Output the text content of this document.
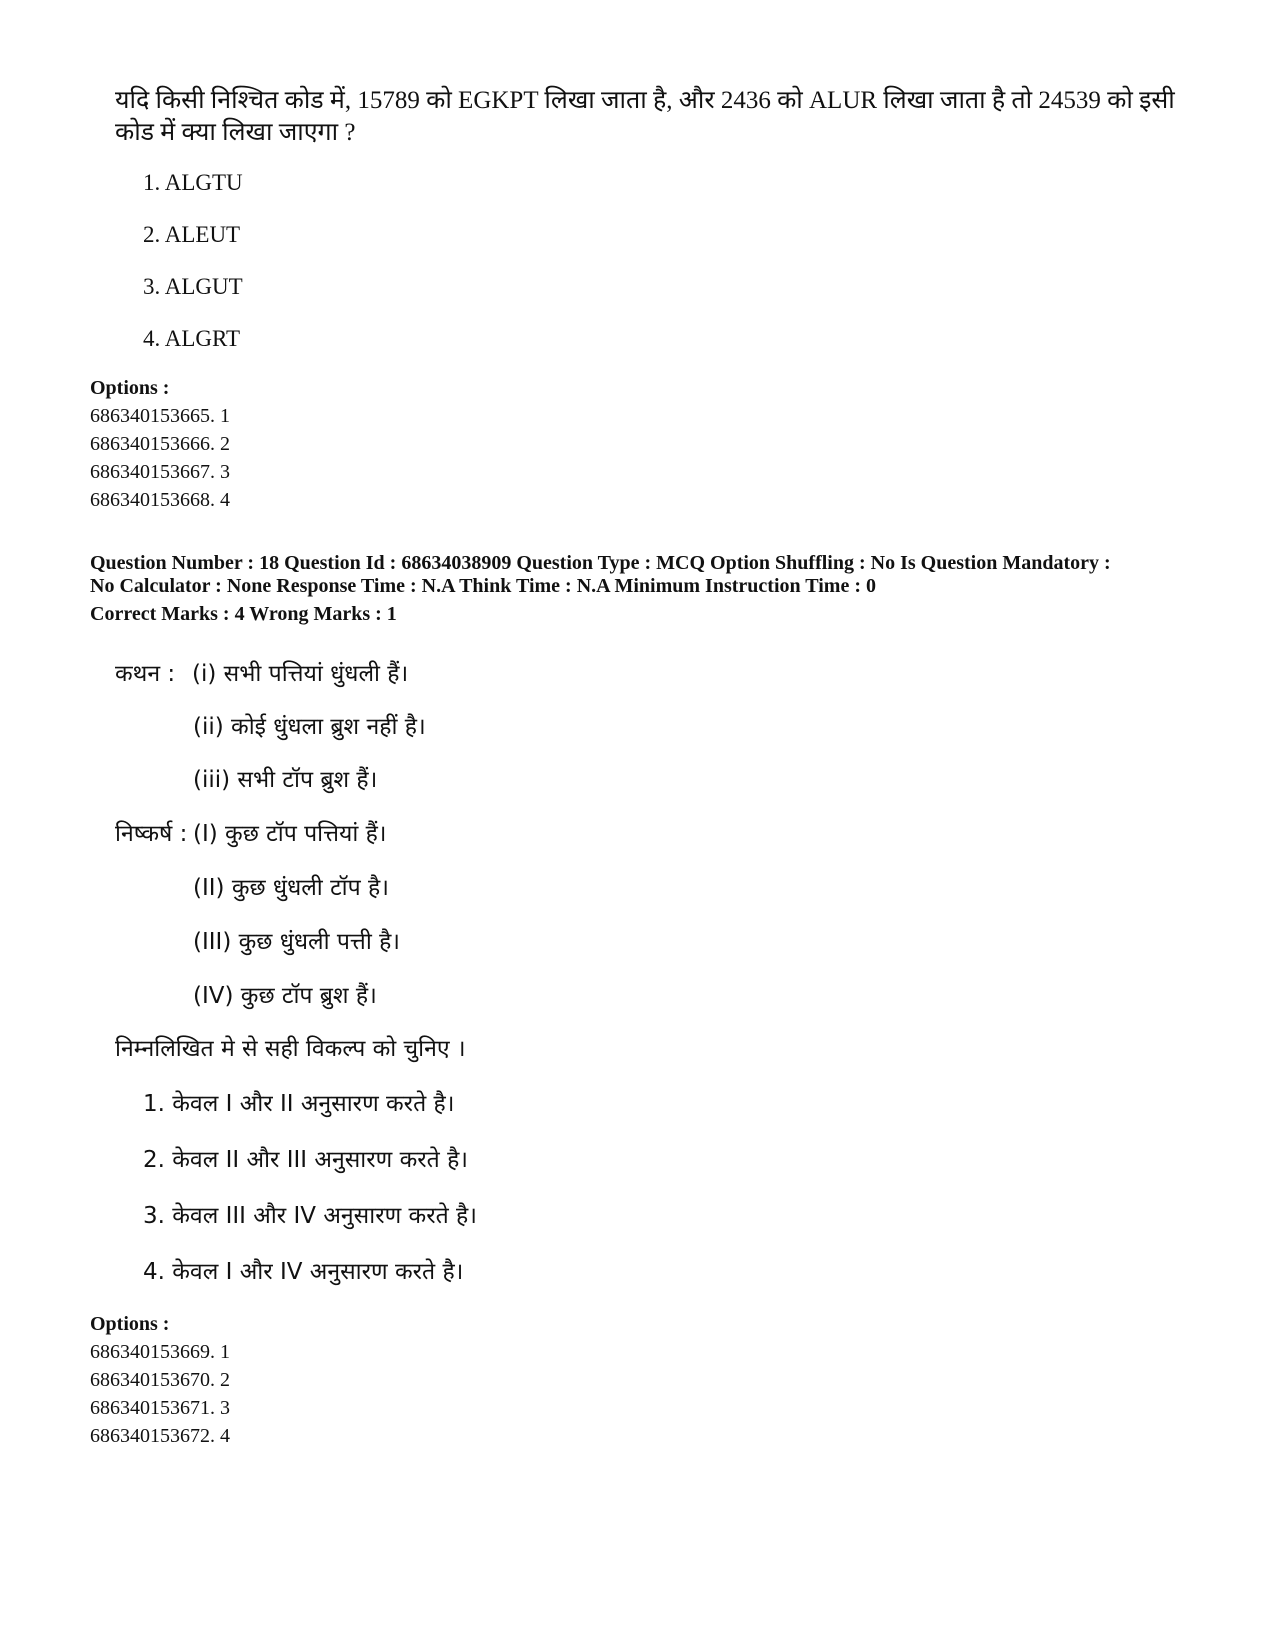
यदि किसी निश्चित कोड में, 15789 को EGKPT लिखा जाता है, और 2436 को ALUR लिखा जाता है तो 24539 को इसी
कोड में क्या लिखा जाएगा ?
1. ALGTU
2. ALEUT
3. ALGUT
4. ALGRT
Options :
686340153665. 1
686340153666. 2
686340153667. 3
686340153668. 4
Question Number : 18 Question Id : 68634038909 Question Type : MCQ Option Shuffling : No Is Question Mandatory :
No Calculator : None Response Time : N.A Think Time : N.A Minimum Instruction Time : 0
Correct Marks : 4 Wrong Marks : 1
कथन : (i) सभी पत्तियां धुंधली हैं।
(ii) कोई धुंधला ब्रुश नहीं है।
(iii) सभी टॉप ब्रुश हैं।
निष्कर्ष : (I) कुछ टॉप पत्तियां हैं।
(II) कुछ धुंधली टॉप है।
(III) कुछ धुंधली पत्ती है।
(IV) कुछ टॉप ब्रुश हैं।
निम्नलिखित मे से सही विकल्प को चुनिए ।
1. केवल I और II अनुसारण करते है।
2. केवल II और III अनुसारण करते है।
3. केवल III और IV अनुसारण करते है।
4. केवल I और IV अनुसारण करते है।
Options :
686340153669. 1
686340153670. 2
686340153671. 3
686340153672. 4
